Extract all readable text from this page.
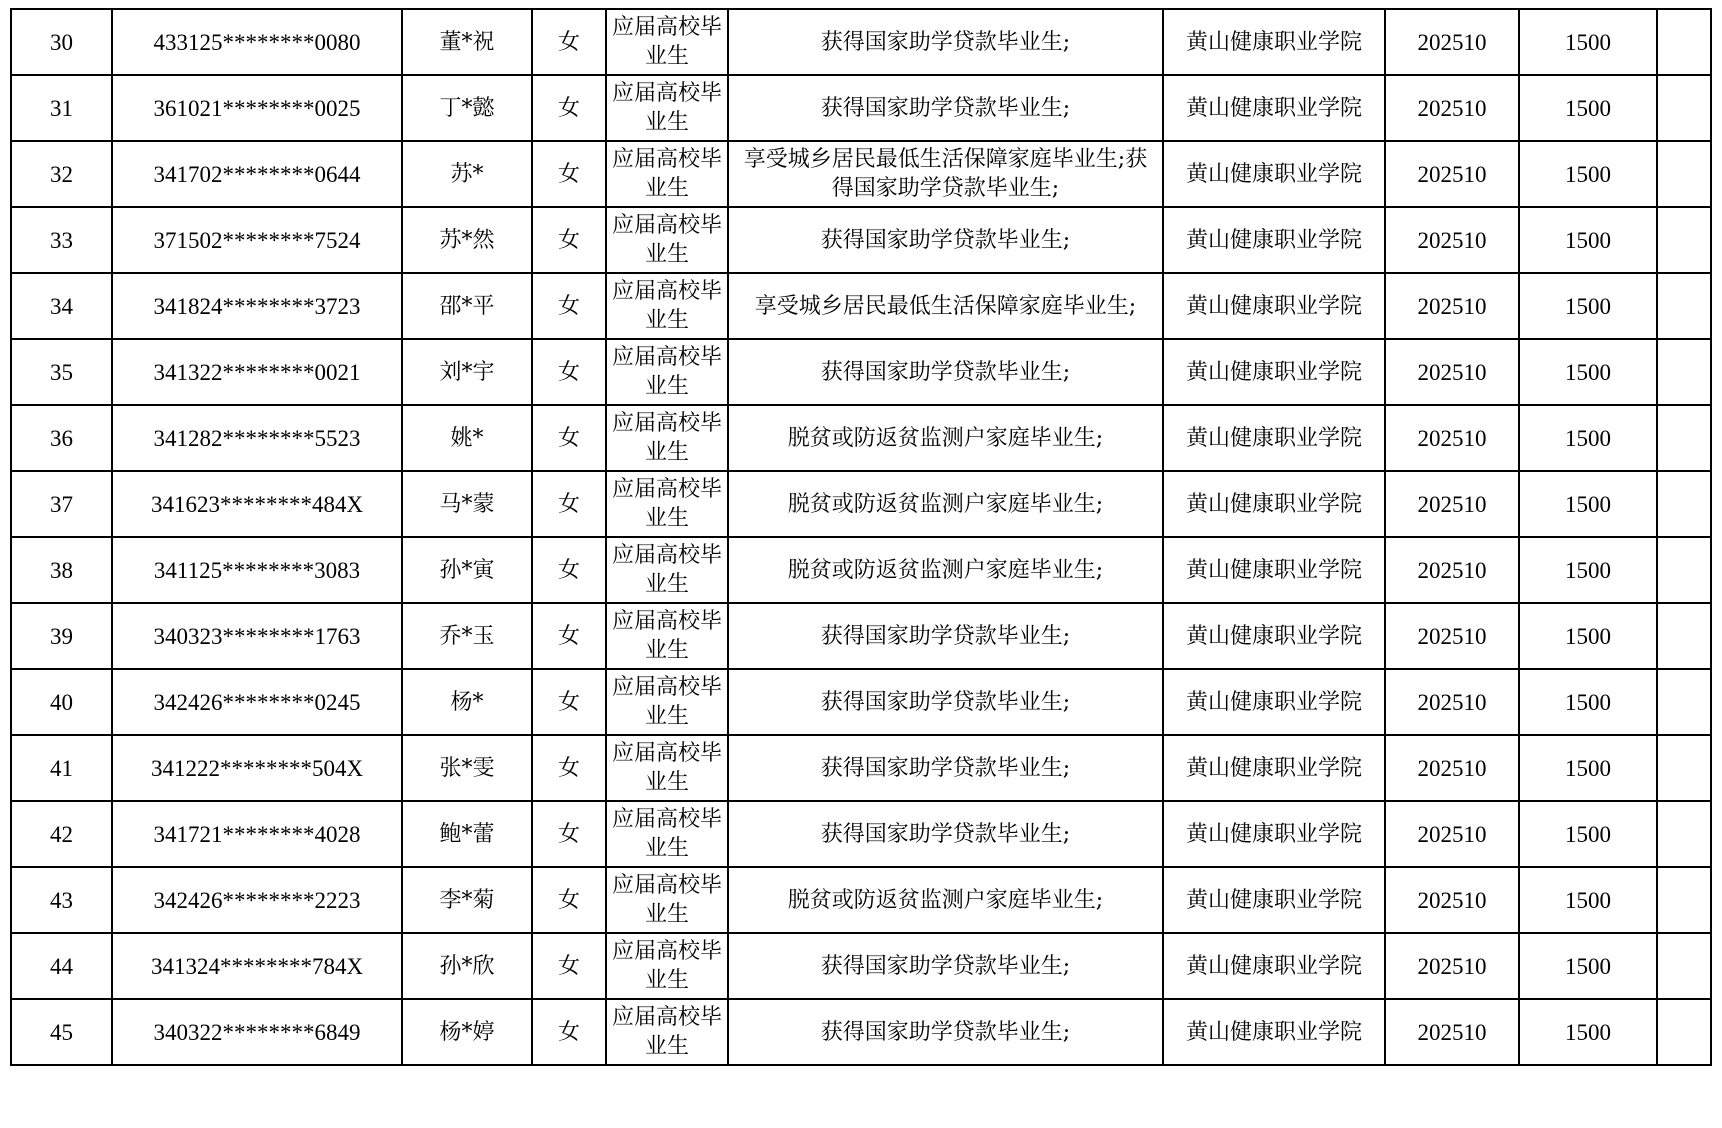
30	433125********0080	董*祝	女	应届高校毕业生	获得国家助学贷款毕业生;	黄山健康职业学院	202510	1500	
31	361021********0025	丁*懿	女	应届高校毕业生	获得国家助学贷款毕业生;	黄山健康职业学院	202510	1500	
32	341702********0644	苏*	女	应届高校毕业生	享受城乡居民最低生活保障家庭毕业生;获得国家助学贷款毕业生;	黄山健康职业学院	202510	1500	
33	371502********7524	苏*然	女	应届高校毕业生	获得国家助学贷款毕业生;	黄山健康职业学院	202510	1500	
34	341824********3723	邵*平	女	应届高校毕业生	享受城乡居民最低生活保障家庭毕业生;	黄山健康职业学院	202510	1500	
35	341322********0021	刘*宇	女	应届高校毕业生	获得国家助学贷款毕业生;	黄山健康职业学院	202510	1500	
36	341282********5523	姚*	女	应届高校毕业生	脱贫或防返贫监测户家庭毕业生;	黄山健康职业学院	202510	1500	
37	341623********484X	马*蒙	女	应届高校毕业生	脱贫或防返贫监测户家庭毕业生;	黄山健康职业学院	202510	1500	
38	341125********3083	孙*寅	女	应届高校毕业生	脱贫或防返贫监测户家庭毕业生;	黄山健康职业学院	202510	1500	
39	340323********1763	乔*玉	女	应届高校毕业生	获得国家助学贷款毕业生;	黄山健康职业学院	202510	1500	
40	342426********0245	杨*	女	应届高校毕业生	获得国家助学贷款毕业生;	黄山健康职业学院	202510	1500	
41	341222********504X	张*雯	女	应届高校毕业生	获得国家助学贷款毕业生;	黄山健康职业学院	202510	1500	
42	341721********4028	鲍*蕾	女	应届高校毕业生	获得国家助学贷款毕业生;	黄山健康职业学院	202510	1500	
43	342426********2223	李*菊	女	应届高校毕业生	脱贫或防返贫监测户家庭毕业生;	黄山健康职业学院	202510	1500	
44	341324********784X	孙*欣	女	应届高校毕业生	获得国家助学贷款毕业生;	黄山健康职业学院	202510	1500	
45	340322********6849	杨*婷	女	应届高校毕业生	获得国家助学贷款毕业生;	黄山健康职业学院	202510	1500	
